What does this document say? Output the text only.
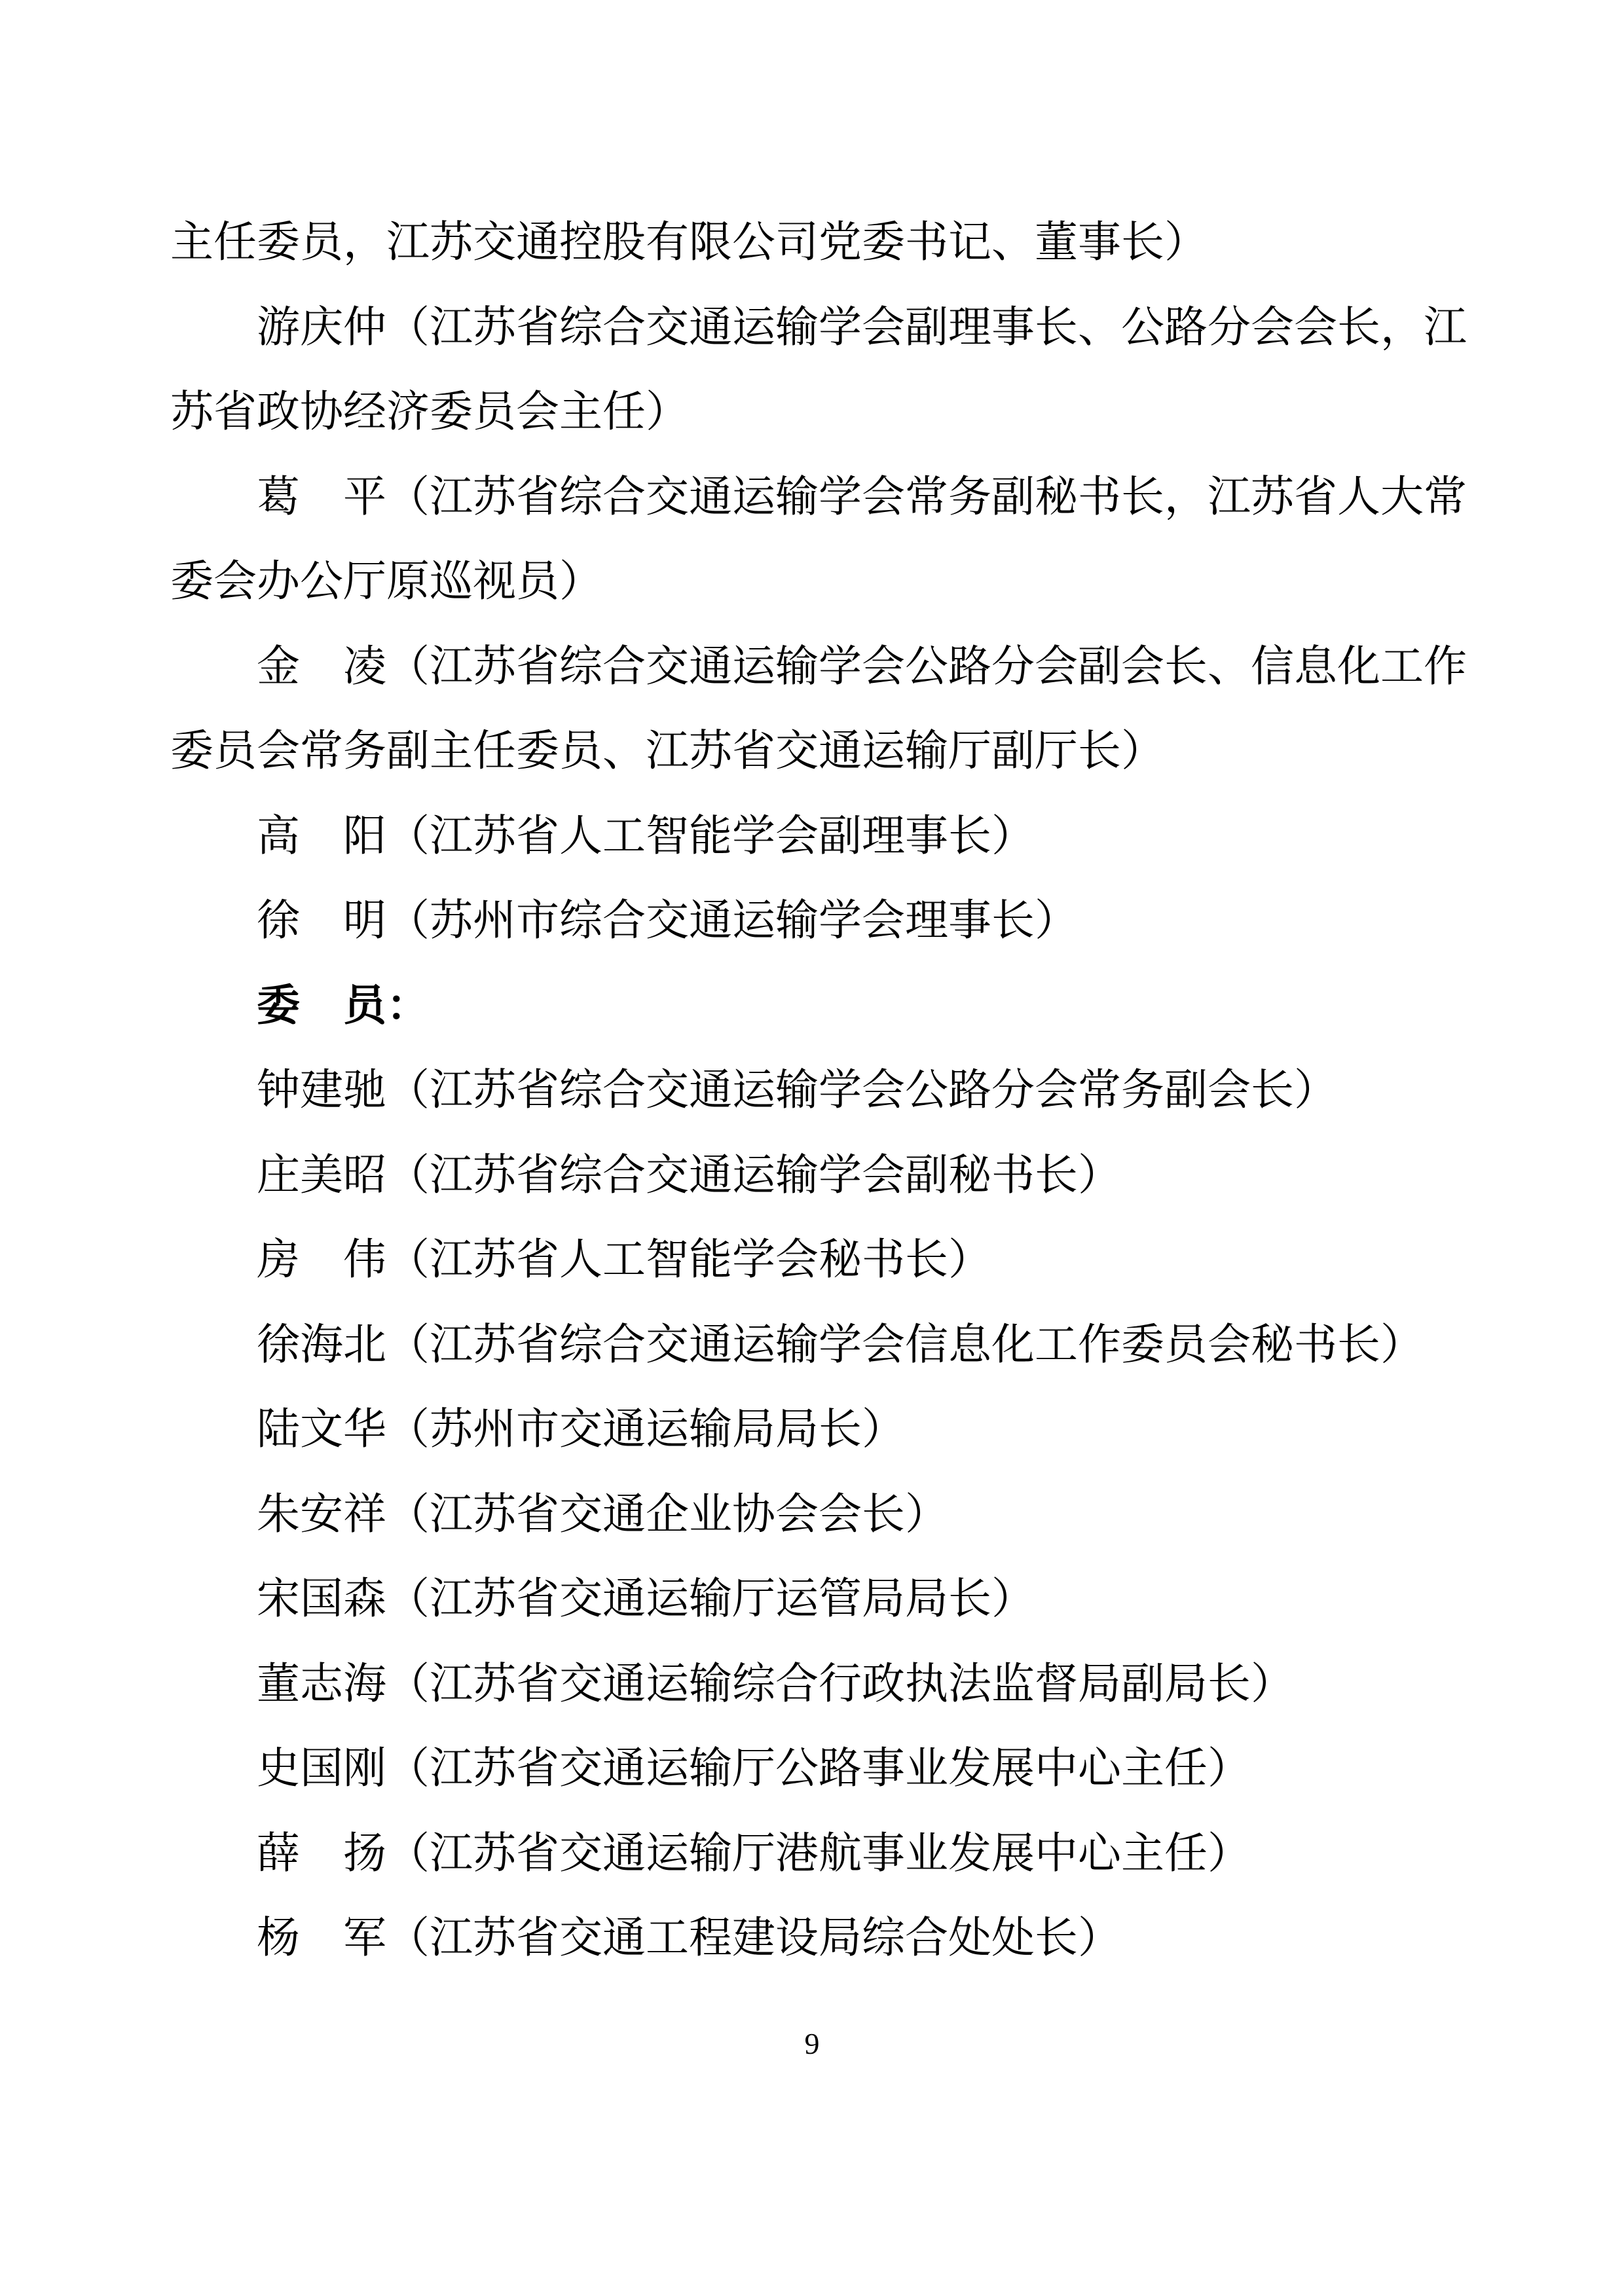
主任委员，江苏交通控股有限公司党委书记、董事长）
游庆仲（江苏省综合交通运输学会副理事长、公路分会会长，江
苏省政协经济委员会主任）
葛　平（江苏省综合交通运输学会常务副秘书长，江苏省人大常
委会办公厅原巡视员）
金　凌（江苏省综合交通运输学会公路分会副会长、信息化工作
委员会常务副主任委员、江苏省交通运输厅副厅长）
高　阳（江苏省人工智能学会副理事长）
徐　明（苏州市综合交通运输学会理事长）
委　员：
钟建驰（江苏省综合交通运输学会公路分会常务副会长）
庄美昭（江苏省综合交通运输学会副秘书长）
房　伟（江苏省人工智能学会秘书长）
徐海北（江苏省综合交通运输学会信息化工作委员会秘书长）
陆文华（苏州市交通运输局局长）
朱安祥（江苏省交通企业协会会长）
宋国森（江苏省交通运输厅运管局局长）
董志海（江苏省交通运输综合行政执法监督局副局长）
史国刚（江苏省交通运输厅公路事业发展中心主任）
薛　扬（江苏省交通运输厅港航事业发展中心主任）
杨　军（江苏省交通工程建设局综合处处长）
9
